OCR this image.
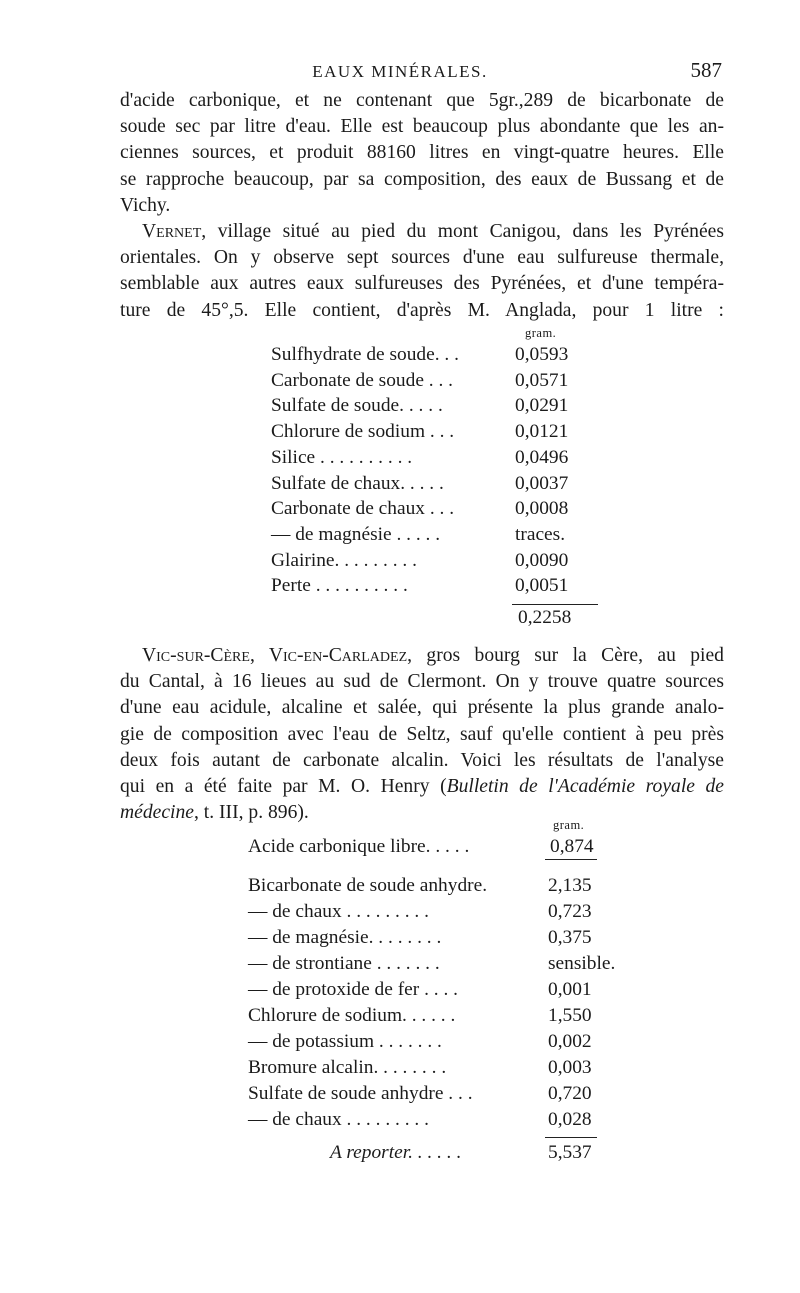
EAUX MINÉRALES.	587
d'acide carbonique, et ne contenant que 5gr.,289 de bicarbonate de
soude sec par litre d'eau. Elle est beaucoup plus abondante que les an-
ciennes sources, et produit 88160 litres en vingt-quatre heures. Elle
se rapproche beaucoup, par sa composition, des eaux de Bussang et de
Vichy.
Vernet, village situé au pied du mont Canigou, dans les Pyrénées
orientales. On y observe sept sources d'une eau sulfureuse thermale,
semblable aux autres eaux sulfureuses des Pyrénées, et d'une tempéra-
ture de 45°,5. Elle contient, d'après M. Anglada, pour 1 litre :
gram.
Sulfhydrate de soude. . .	0,0593
Carbonate de soude . . .	0,0571
Sulfate de soude. . . . .	0,0291
Chlorure de sodium . . .	0,0121
Silice . . . . . . . . . .	0,0496
Sulfate de chaux. . . . .	0,0037
Carbonate de chaux . . .	0,0008
— de magnésie . . . . .	traces.
Glairine. . . . . . . . .	0,0090
Perte . . . . . . . . . .	0,0051
0,2258
Vic-sur-Cère, Vic-en-Carladez, gros bourg sur la Cère, au pied
du Cantal, à 16 lieues au sud de Clermont. On y trouve quatre sources
d'une eau acidule, alcaline et salée, qui présente la plus grande analo-
gie de composition avec l'eau de Seltz, sauf qu'elle contient à peu près
deux fois autant de carbonate alcalin. Voici les résultats de l'analyse
qui en a été faite par M. O. Henry (Bulletin de l'Académie royale de
médecine, t. III, p. 896).
gram.
Acide carbonique libre. . . . .	0,874
Bicarbonate de soude anhydre.	2,135
— de chaux . . . . . . . . .	0,723
— de magnésie. . . . . . . .	0,375
— de strontiane . . . . . . .	sensible.
— de protoxide de fer . . . .	0,001
Chlorure de sodium. . . . . .	1,550
— de potassium . . . . . . .	0,002
Bromure alcalin. . . . . . . .	0,003
Sulfate de soude anhydre . . .	0,720
— de chaux . . . . . . . . .	0,028
A reporter. . . . . .	5,537
